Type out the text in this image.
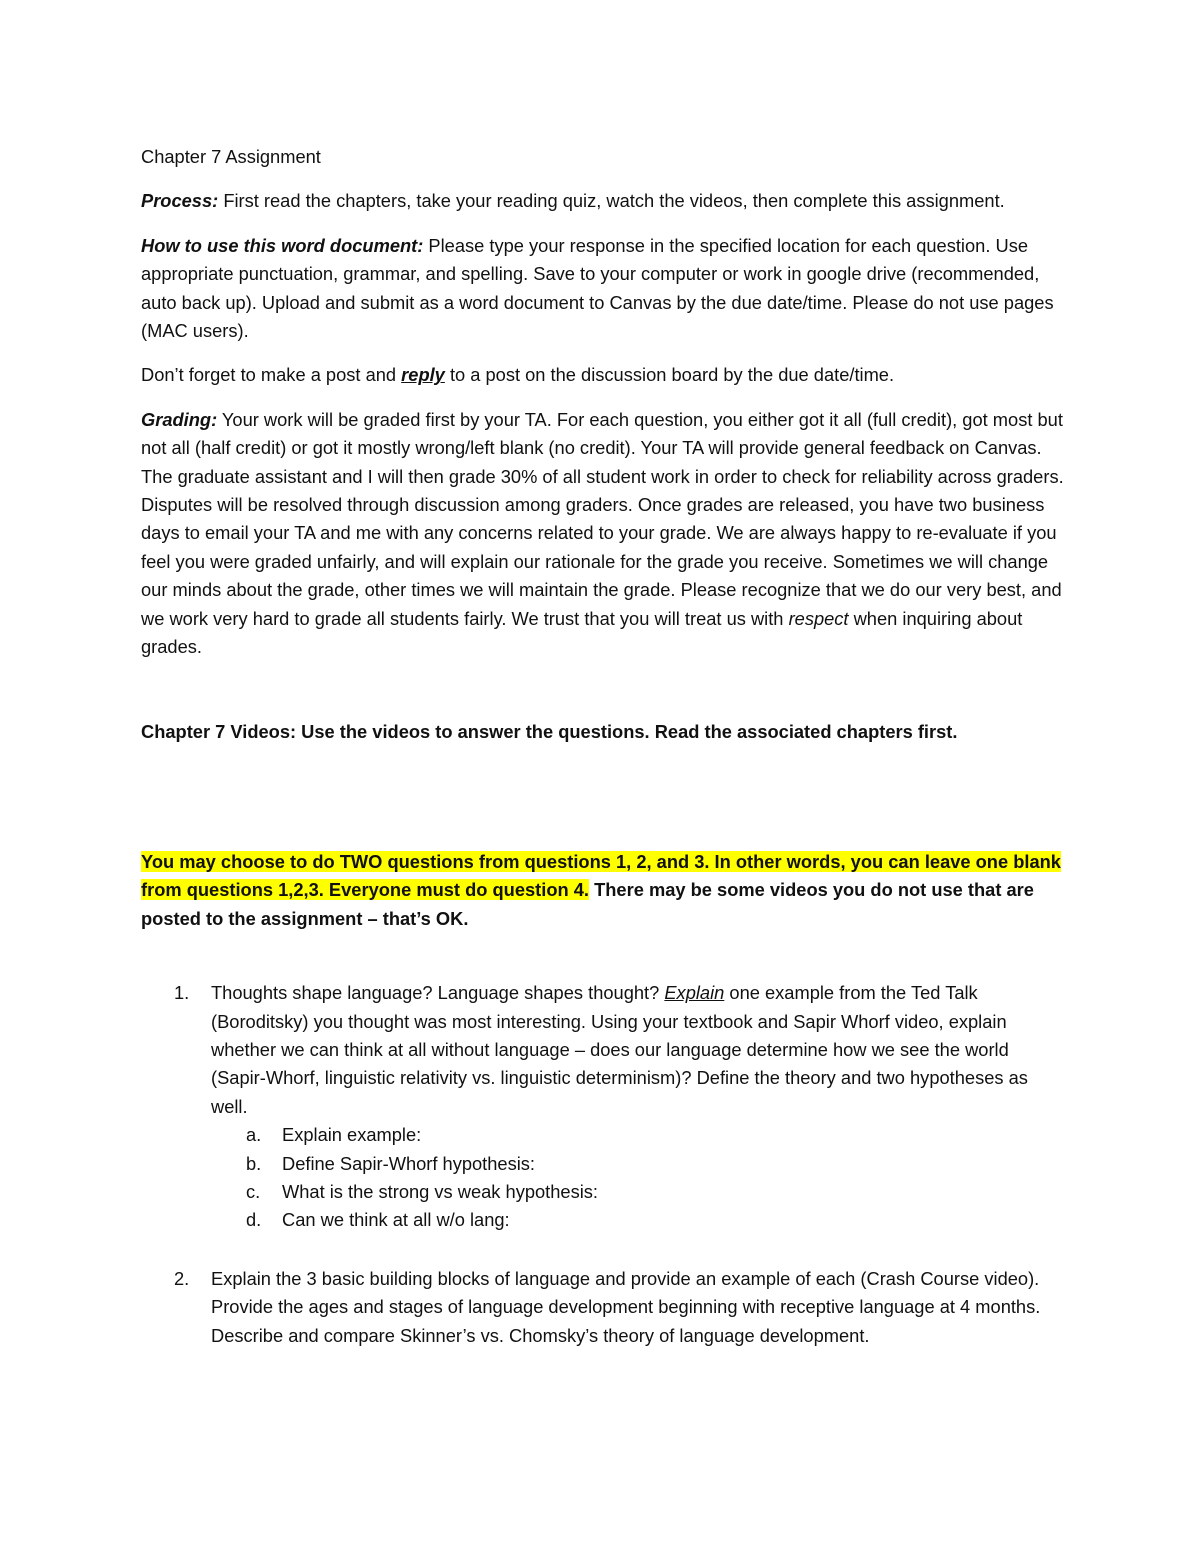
Chapter 7 Assignment

Process: First read the chapters, take your reading quiz, watch the videos, then complete this assignment.

How to use this word document: Please type your response in the specified location for each question. Use appropriate punctuation, grammar, and spelling. Save to your computer or work in google drive (recommended, auto back up). Upload and submit as a word document to Canvas by the due date/time. Please do not use pages (MAC users).

Don’t forget to make a post and reply to a post on the discussion board by the due date/time.

Grading: Your work will be graded first by your TA. For each question, you either got it all (full credit), got most but not all (half credit) or got it mostly wrong/left blank (no credit). Your TA will provide general feedback on Canvas. The graduate assistant and I will then grade 30% of all student work in order to check for reliability across graders. Disputes will be resolved through discussion among graders. Once grades are released, you have two business days to email your TA and me with any concerns related to your grade. We are always happy to re-evaluate if you feel you were graded unfairly, and will explain our rationale for the grade you receive. Sometimes we will change our minds about the grade, other times we will maintain the grade. Please recognize that we do our very best, and we work very hard to grade all students fairly. We trust that you will treat us with respect when inquiring about grades.

Chapter 7 Videos: Use the videos to answer the questions. Read the associated chapters first.

You may choose to do TWO questions from questions 1, 2, and 3. In other words, you can leave one blank from questions 1,2,3. Everyone must do question 4. There may be some videos you do not use that are posted to the assignment – that’s OK.

1. Thoughts shape language? Language shapes thought? Explain one example from the Ted Talk (Boroditsky) you thought was most interesting. Using your textbook and Sapir Whorf video, explain whether we can think at all without language – does our language determine how we see the world (Sapir-Whorf, linguistic relativity vs. linguistic determinism)? Define the theory and two hypotheses as well.
a. Explain example:
b. Define Sapir-Whorf hypothesis:
c. What is the strong vs weak hypothesis:
d. Can we think at all w/o lang:
2. Explain the 3 basic building blocks of language and provide an example of each (Crash Course video). Provide the ages and stages of language development beginning with receptive language at 4 months. Describe and compare Skinner’s vs. Chomsky’s theory of language development.
